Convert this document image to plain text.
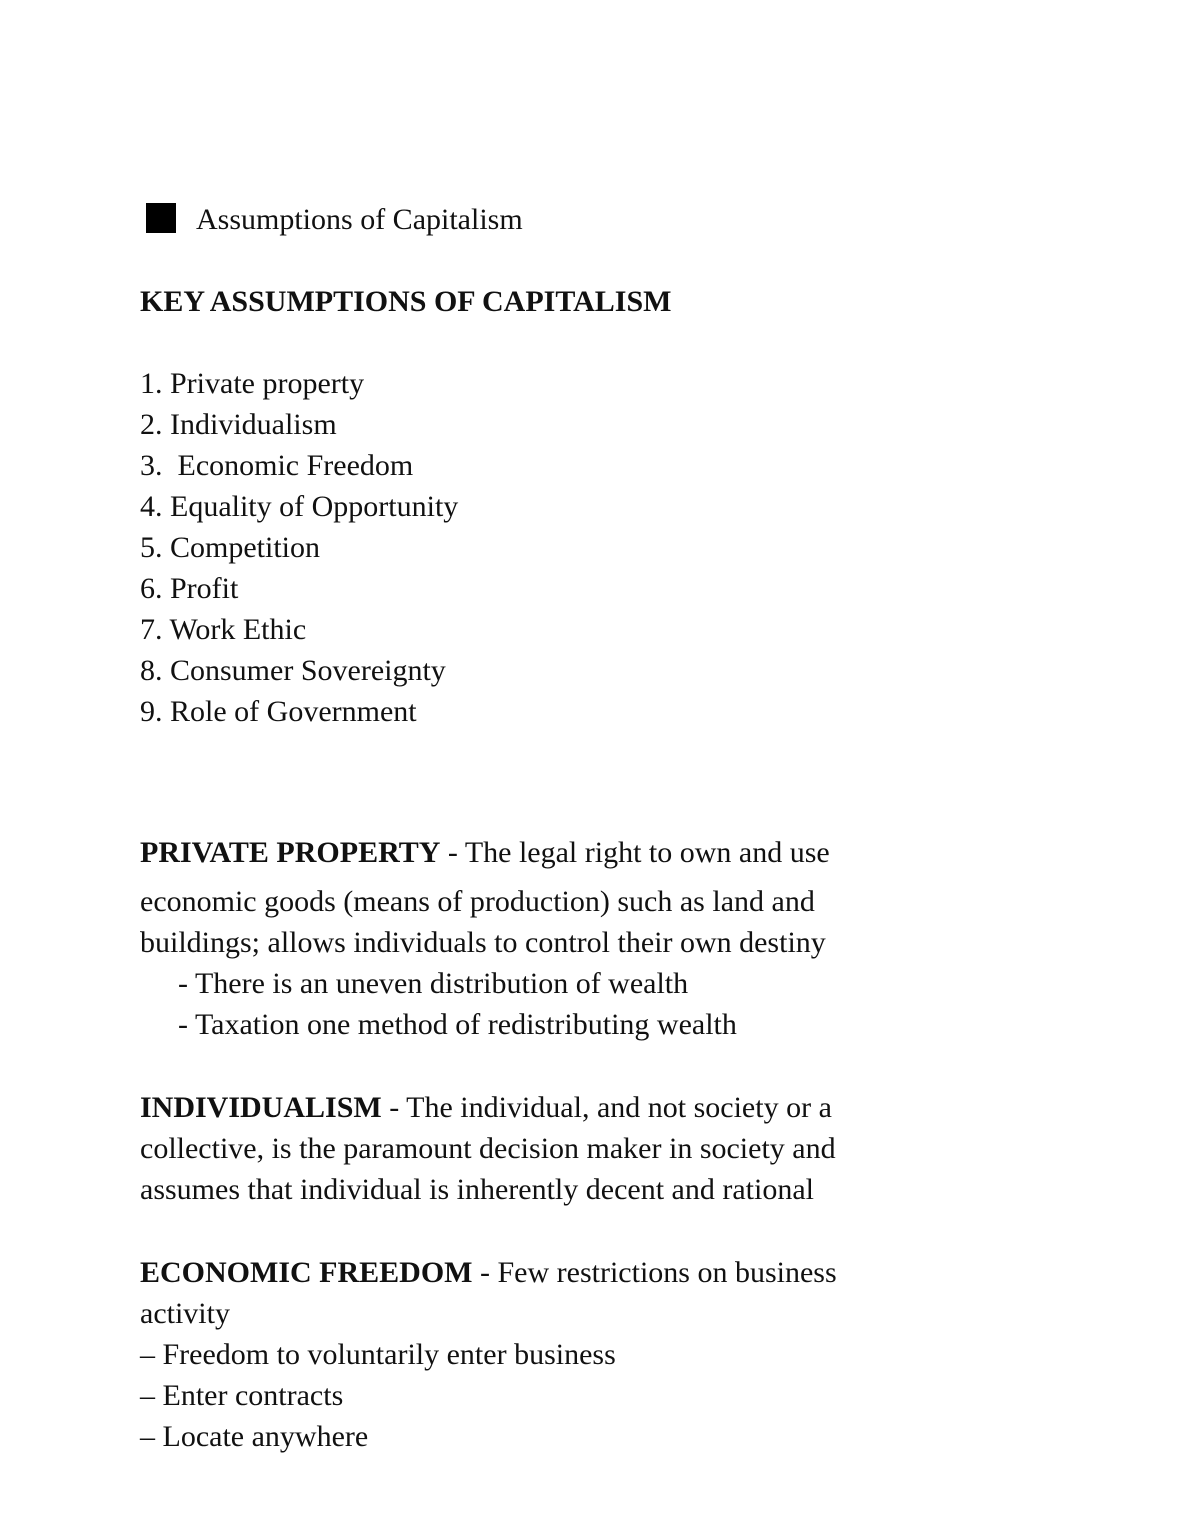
Assumptions of Capitalism
KEY ASSUMPTIONS OF CAPITALISM
1. Private property
2. Individualism
3.  Economic Freedom
4. Equality of Opportunity
5. Competition
6. Profit
7. Work Ethic
8. Consumer Sovereignty
9. Role of Government
PRIVATE PROPERTY - The legal right to own and use
economic goods (means of production) such as land and
buildings; allows individuals to control their own destiny
- There is an uneven distribution of wealth
- Taxation one method of redistributing wealth
INDIVIDUALISM - The individual, and not society or a
collective, is the paramount decision maker in society and
assumes that individual is inherently decent and rational
ECONOMIC FREEDOM - Few restrictions on business
activity
– Freedom to voluntarily enter business
– Enter contracts
– Locate anywhere
